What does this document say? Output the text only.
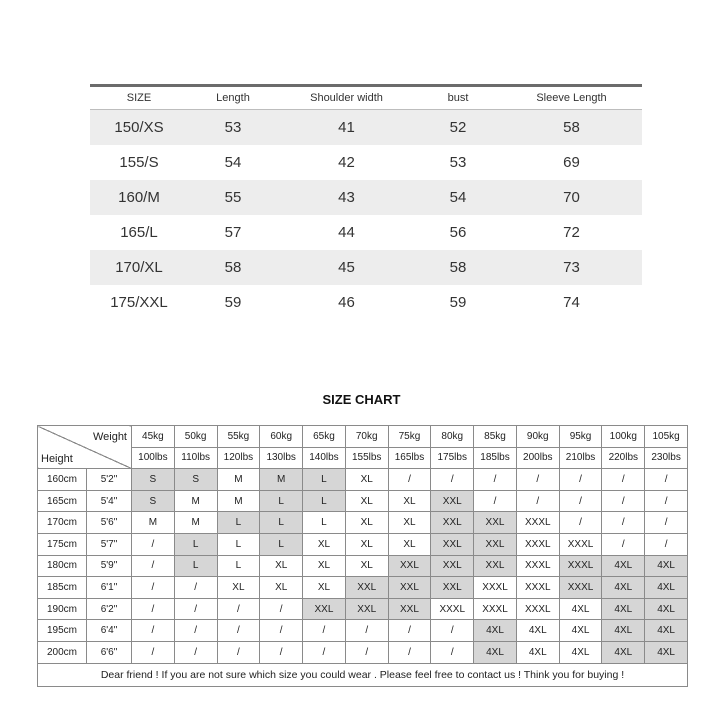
SIZE	Length	Shoulder width	bust	Sleeve Length
150/XS	53	41	52	58
155/S	54	42	53	69
160/M	55	43	54	70
165/L	57	44	56	72
170/XL	58	45	58	73
175/XXL	59	46	59	74
SIZE CHART
Weight
Height		45kg	50kg	55kg	60kg	65kg	70kg	75kg	80kg	85kg	90kg	95kg	100kg	105kg
		100lbs	110lbs	120lbs	130lbs	140lbs	155lbs	165lbs	175lbs	185lbs	200lbs	210lbs	220lbs	230lbs
160cm	5'2"	S	S	M	M	L	XL	/	/	/	/	/	/	/
165cm	5'4"	S	M	M	L	L	XL	XL	XXL	/	/	/	/	/
170cm	5'6"	M	M	L	L	L	XL	XL	XXL	XXL	XXXL	/	/	/
175cm	5'7"	/	L	L	L	XL	XL	XL	XXL	XXL	XXXL	XXXL	/	/
180cm	5'9"	/	L	L	XL	XL	XL	XXL	XXL	XXL	XXXL	XXXL	4XL	4XL
185cm	6'1"	/	/	XL	XL	XL	XXL	XXL	XXL	XXXL	XXXL	XXXL	4XL	4XL
190cm	6'2"	/	/	/	/	XXL	XXL	XXL	XXXL	XXXL	XXXL	4XL	4XL	4XL
195cm	6'4"	/	/	/	/	/	/	/	/	4XL	4XL	4XL	4XL	4XL
200cm	6'6"	/	/	/	/	/	/	/	/	4XL	4XL	4XL	4XL	4XL
Dear friend ! If you are not sure which size you could wear . Please feel free to contact us ! Think you for buying !														
